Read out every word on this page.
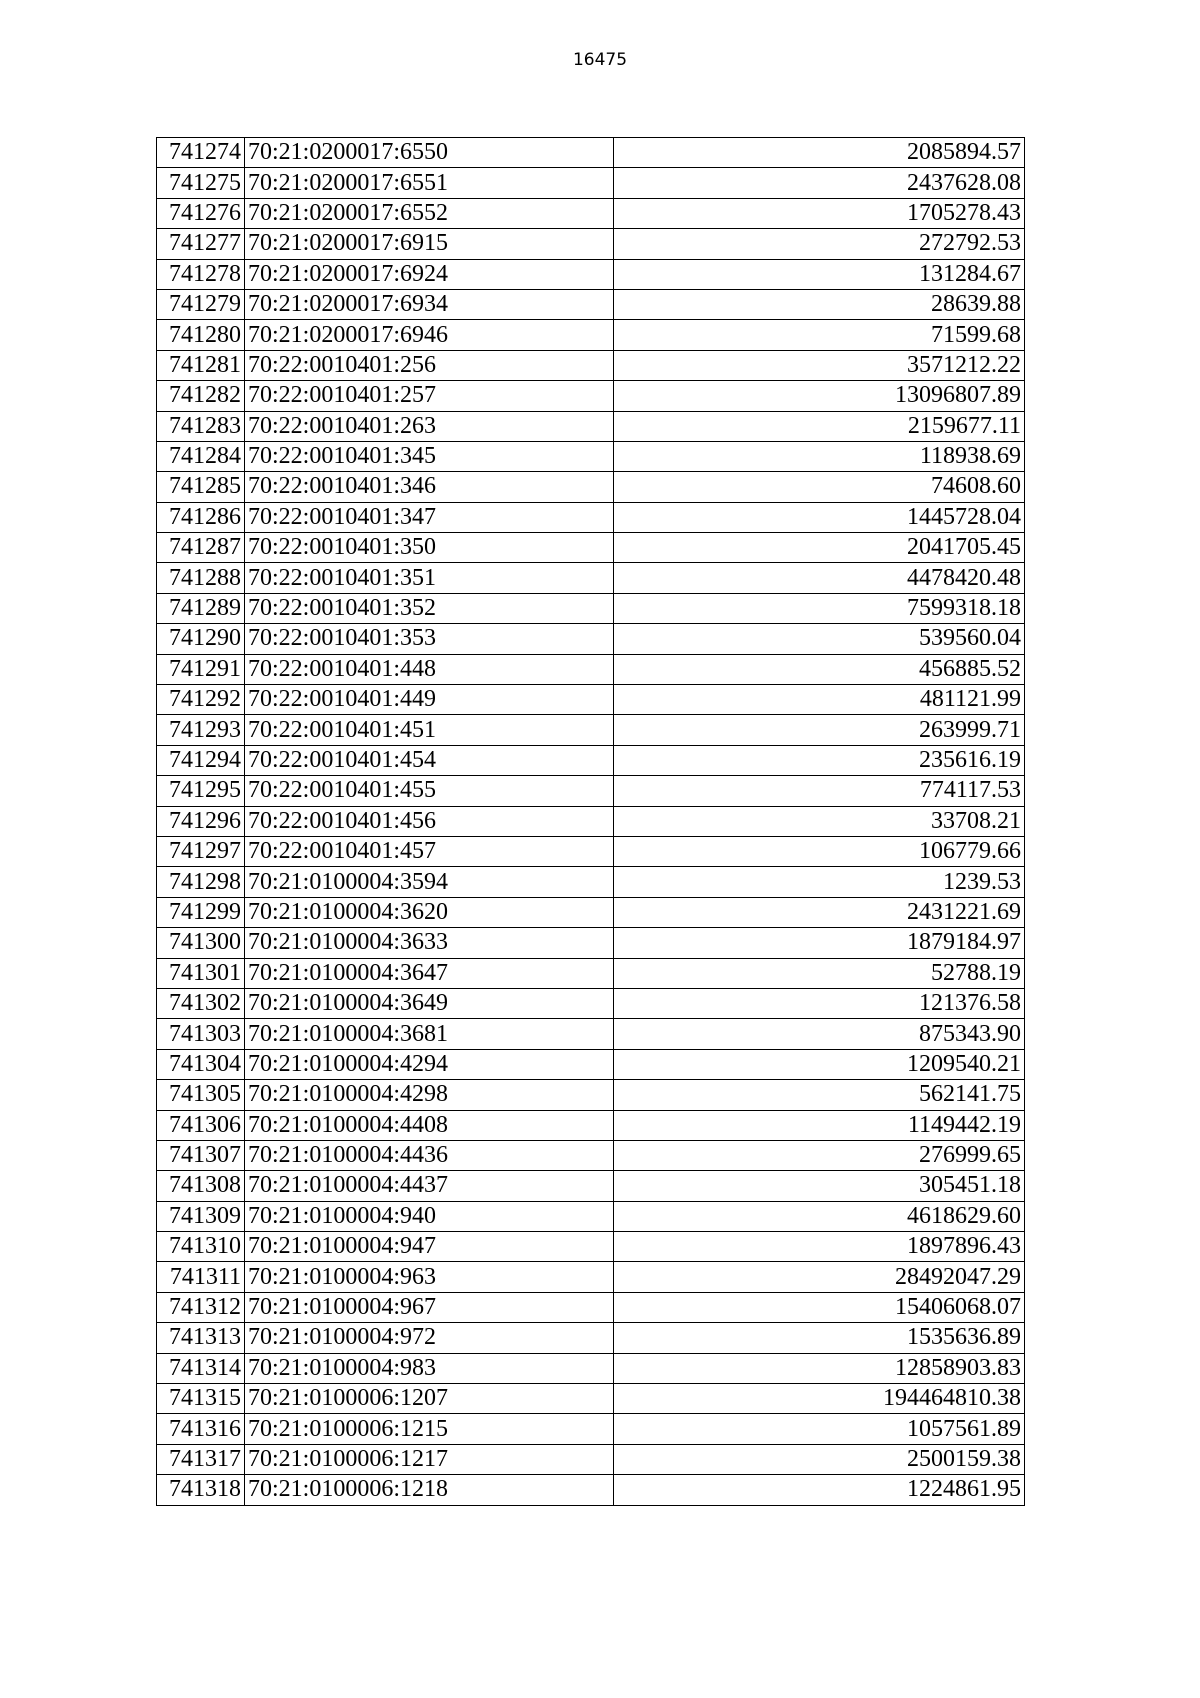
16475
741274	70:21:0200017:6550	2085894.57
741275	70:21:0200017:6551	2437628.08
741276	70:21:0200017:6552	1705278.43
741277	70:21:0200017:6915	272792.53
741278	70:21:0200017:6924	131284.67
741279	70:21:0200017:6934	28639.88
741280	70:21:0200017:6946	71599.68
741281	70:22:0010401:256	3571212.22
741282	70:22:0010401:257	13096807.89
741283	70:22:0010401:263	2159677.11
741284	70:22:0010401:345	118938.69
741285	70:22:0010401:346	74608.60
741286	70:22:0010401:347	1445728.04
741287	70:22:0010401:350	2041705.45
741288	70:22:0010401:351	4478420.48
741289	70:22:0010401:352	7599318.18
741290	70:22:0010401:353	539560.04
741291	70:22:0010401:448	456885.52
741292	70:22:0010401:449	481121.99
741293	70:22:0010401:451	263999.71
741294	70:22:0010401:454	235616.19
741295	70:22:0010401:455	774117.53
741296	70:22:0010401:456	33708.21
741297	70:22:0010401:457	106779.66
741298	70:21:0100004:3594	1239.53
741299	70:21:0100004:3620	2431221.69
741300	70:21:0100004:3633	1879184.97
741301	70:21:0100004:3647	52788.19
741302	70:21:0100004:3649	121376.58
741303	70:21:0100004:3681	875343.90
741304	70:21:0100004:4294	1209540.21
741305	70:21:0100004:4298	562141.75
741306	70:21:0100004:4408	1149442.19
741307	70:21:0100004:4436	276999.65
741308	70:21:0100004:4437	305451.18
741309	70:21:0100004:940	4618629.60
741310	70:21:0100004:947	1897896.43
741311	70:21:0100004:963	28492047.29
741312	70:21:0100004:967	15406068.07
741313	70:21:0100004:972	1535636.89
741314	70:21:0100004:983	12858903.83
741315	70:21:0100006:1207	194464810.38
741316	70:21:0100006:1215	1057561.89
741317	70:21:0100006:1217	2500159.38
741318	70:21:0100006:1218	1224861.95
